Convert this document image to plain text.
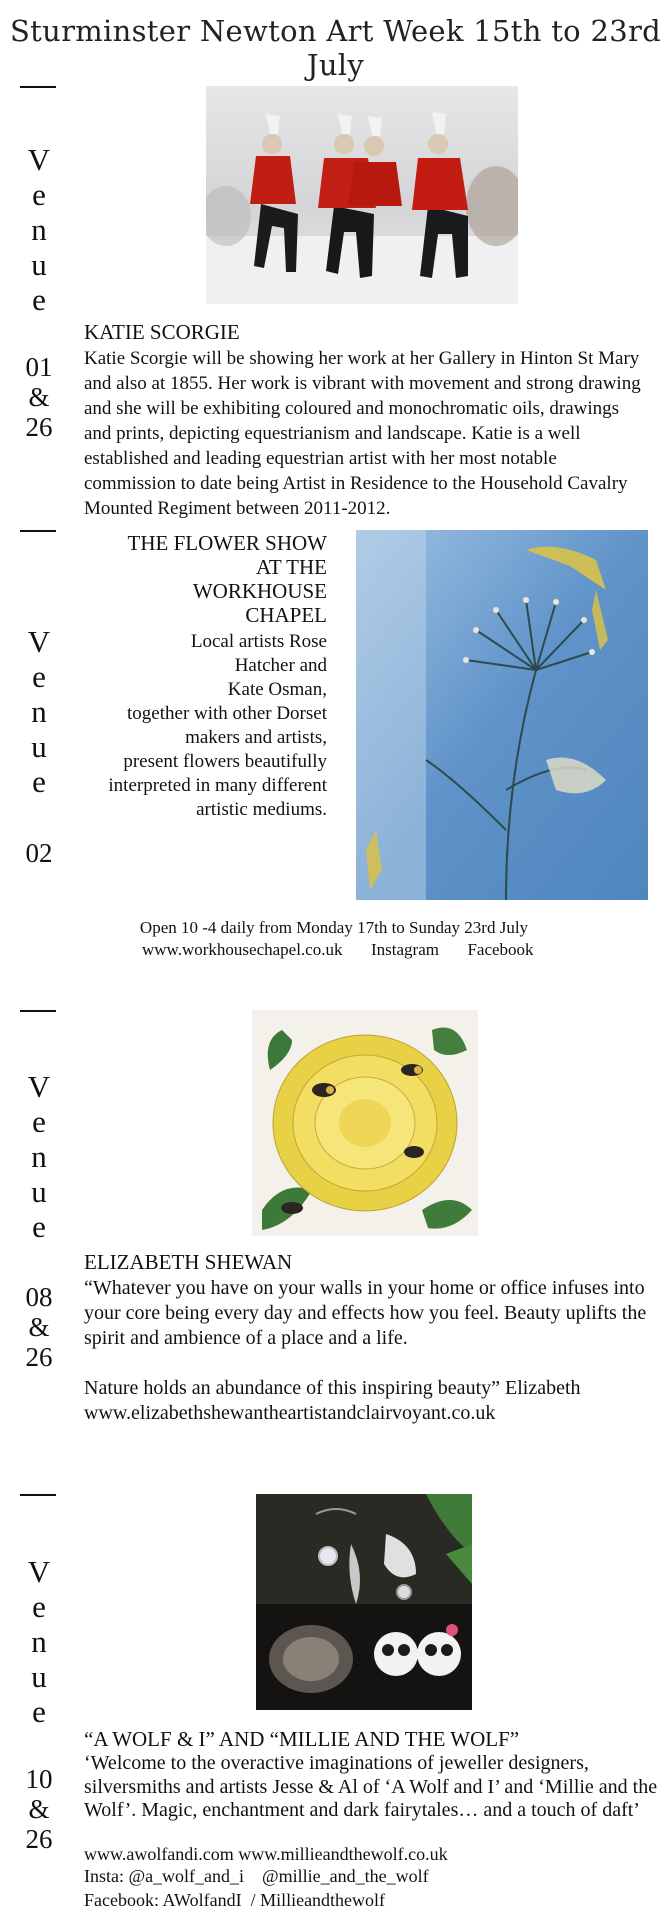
Sturminster Newton Art Week 15th to 23rd July
V
e
n
u
e
01
&
26
KATIE SCORGIE
Katie Scorgie will be showing her work at her Gallery in Hinton St Mary and also at 1855. Her work is vibrant with movement and strong drawing and she will be exhibiting coloured and monochromatic oils, drawings and prints, depicting equestrianism and landscape. Katie is a well established and leading equestrian artist with her most notable commission to date being Artist in Residence to the Household Cavalry Mounted Regiment between 2011-2012.
V
e
n
u
e
02
THE FLOWER SHOW
AT THE
WORKHOUSE
CHAPEL
Local artists Rose
Hatcher and
Kate Osman,
together with other Dorset
makers and artists,
present flowers beautifully
interpreted in many different
artistic mediums.
Open 10 -4 daily from Monday 17th to Sunday 23rd July
www.workhousechapel.co.uk Instagram Facebook
V
e
n
u
e
08
&
26
ELIZABETH SHEWAN
“Whatever you have on your walls in your home or office infuses into your core being every day and effects how you feel. Beauty uplifts the spirit and ambience of a place and a life.
Nature holds an abundance of this inspiring beauty” Elizabeth
www.elizabethshewantheartistandclairvoyant.co.uk
V
e
n
u
e
10
&
26
“A WOLF & I” AND “MILLIE AND THE WOLF”
‘Welcome to the overactive imaginations of jeweller designers, silversmiths and artists Jesse & Al of ‘A Wolf and I’ and ‘Millie and the Wolf’. Magic, enchantment and dark fairytales… and a touch of daft’
www.awolfandi.com www.millieandthewolf.co.uk
Insta: @a_wolf_and_i    @millie_and_the_wolf
Facebook: AWolfandI  / Millieandthewolf
